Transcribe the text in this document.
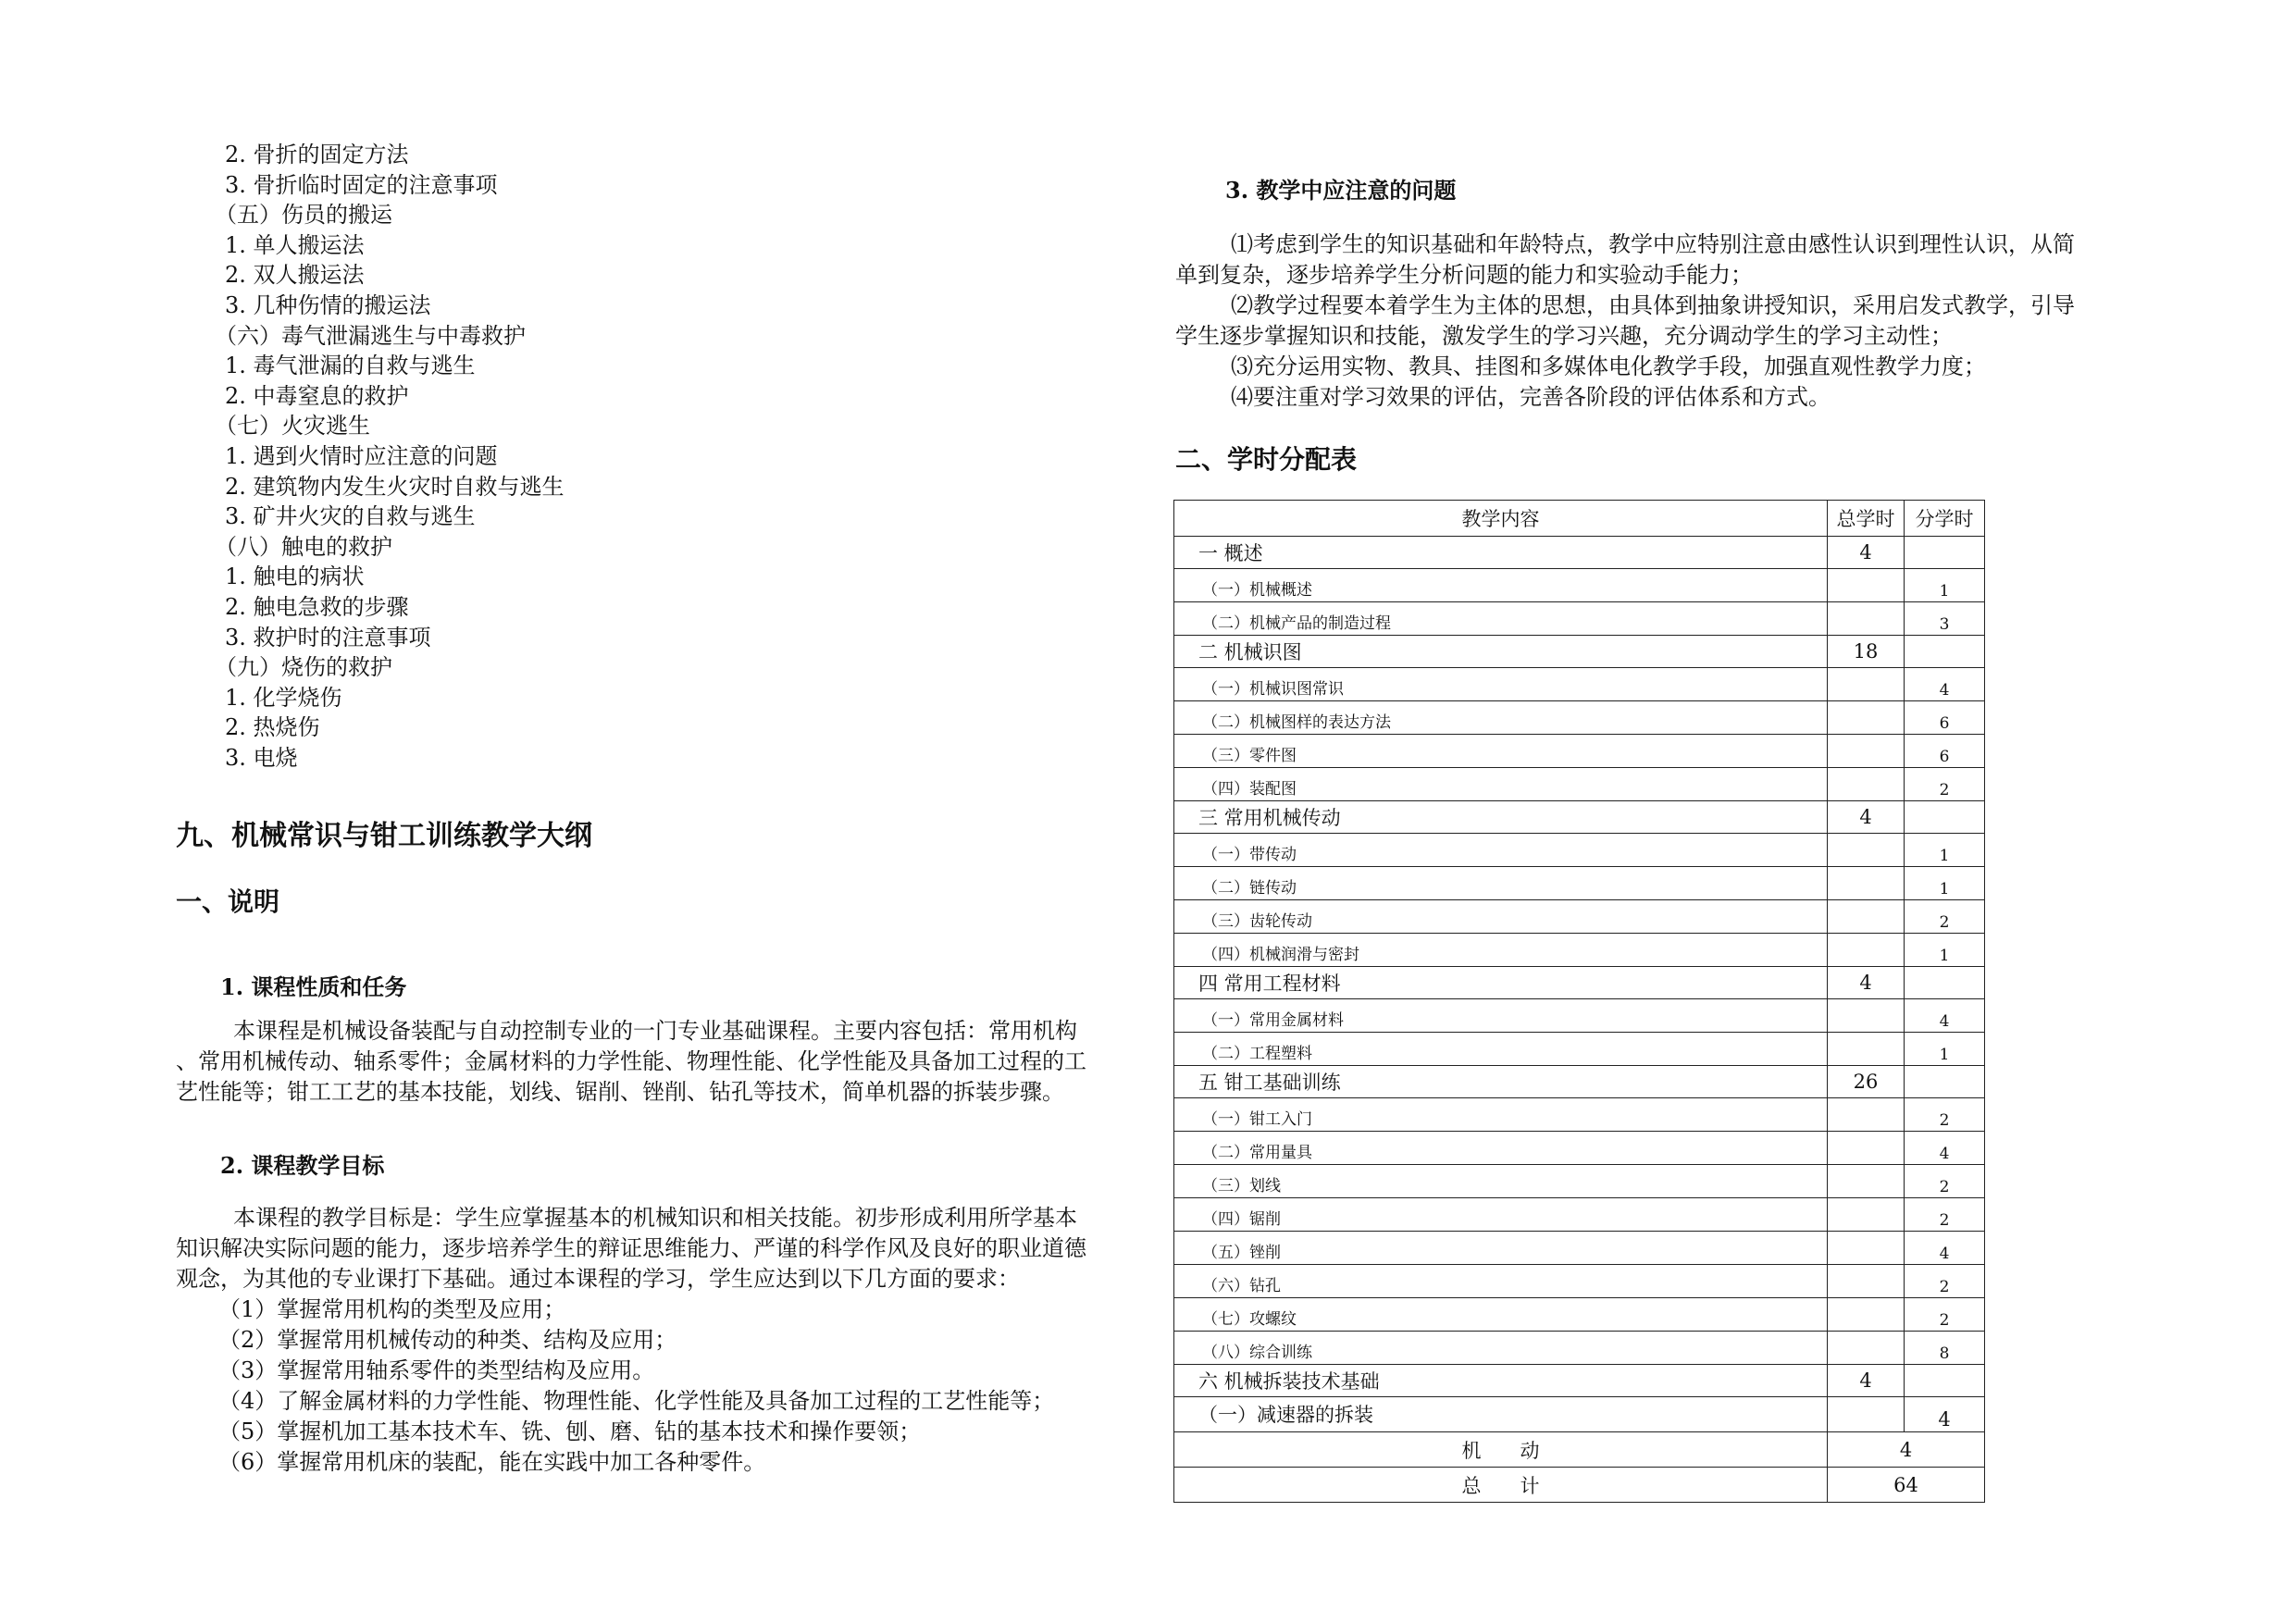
2. 骨折的固定方法
3. 骨折临时固定的注意事项
（五）伤员的搬运
1. 单人搬运法
2. 双人搬运法
3. 几种伤情的搬运法
（六）毒气泄漏逃生与中毒救护
1. 毒气泄漏的自救与逃生
2. 中毒窒息的救护
（七）火灾逃生
1. 遇到火情时应注意的问题
2. 建筑物内发生火灾时自救与逃生
3. 矿井火灾的自救与逃生
（八）触电的救护
1. 触电的病状
2. 触电急救的步骤
3. 救护时的注意事项
（九）烧伤的救护
1. 化学烧伤
2. 热烧伤
3. 电烧
九、机械常识与钳工训练教学大纲
一、说明
1. 课程性质和任务
本课程是机械设备装配与自动控制专业的一门专业基础课程。主要内容包括：常用机构
、常用机械传动、轴系零件；金属材料的力学性能、物理性能、化学性能及具备加工过程的工
艺性能等；钳工工艺的基本技能，划线、锯削、锉削、钻孔等技术，简单机器的拆装步骤。
2. 课程教学目标
本课程的教学目标是：学生应掌握基本的机械知识和相关技能。初步形成利用所学基本
知识解决实际问题的能力，逐步培养学生的辩证思维能力、严谨的科学作风及良好的职业道德
观念，为其他的专业课打下基础。通过本课程的学习，学生应达到以下几方面的要求：
（1）掌握常用机构的类型及应用；
（2）掌握常用机械传动的种类、结构及应用；
（3）掌握常用轴系零件的类型结构及应用。
（4）了解金属材料的力学性能、物理性能、化学性能及具备加工过程的工艺性能等；
（5）掌握机加工基本技术车、铣、刨、磨、钻的基本技术和操作要领；
（6）掌握常用机床的装配，能在实践中加工各种零件。
3. 教学中应注意的问题
⑴考虑到学生的知识基础和年龄特点，教学中应特别注意由感性认识到理性认识，从简
单到复杂，逐步培养学生分析问题的能力和实验动手能力；
⑵教学过程要本着学生为主体的思想，由具体到抽象讲授知识，采用启发式教学，引导
学生逐步掌握知识和技能，激发学生的学习兴趣，充分调动学生的学习主动性；
⑶充分运用实物、教具、挂图和多媒体电化教学手段，加强直观性教学力度；
⑷要注重对学习效果的评估，完善各阶段的评估体系和方式。
二、学时分配表
教学内容	总学时	分学时
一 概述	4	
（一）机械概述		1
（二）机械产品的制造过程		3
二 机械识图	18	
（一）机械识图常识		4
（二）机械图样的表达方法		6
（三）零件图		6
（四）装配图		2
三 常用机械传动	4	
（一）带传动		1
（二）链传动		1
（三）齿轮传动		2
（四）机械润滑与密封		1
四 常用工程材料	4	
（一）常用金属材料		4
（二）工程塑料		1
五 钳工基础训练	26	
（一）钳工入门		2
（二）常用量具		4
（三）划线		2
（四）锯削		2
（五）锉削		4
（六）钻孔		2
（七）攻螺纹		2
（八）综合训练		8
六 机械拆装技术基础	4	
（一）减速器的拆装		4
机　　动	4	
总　　计	64	
